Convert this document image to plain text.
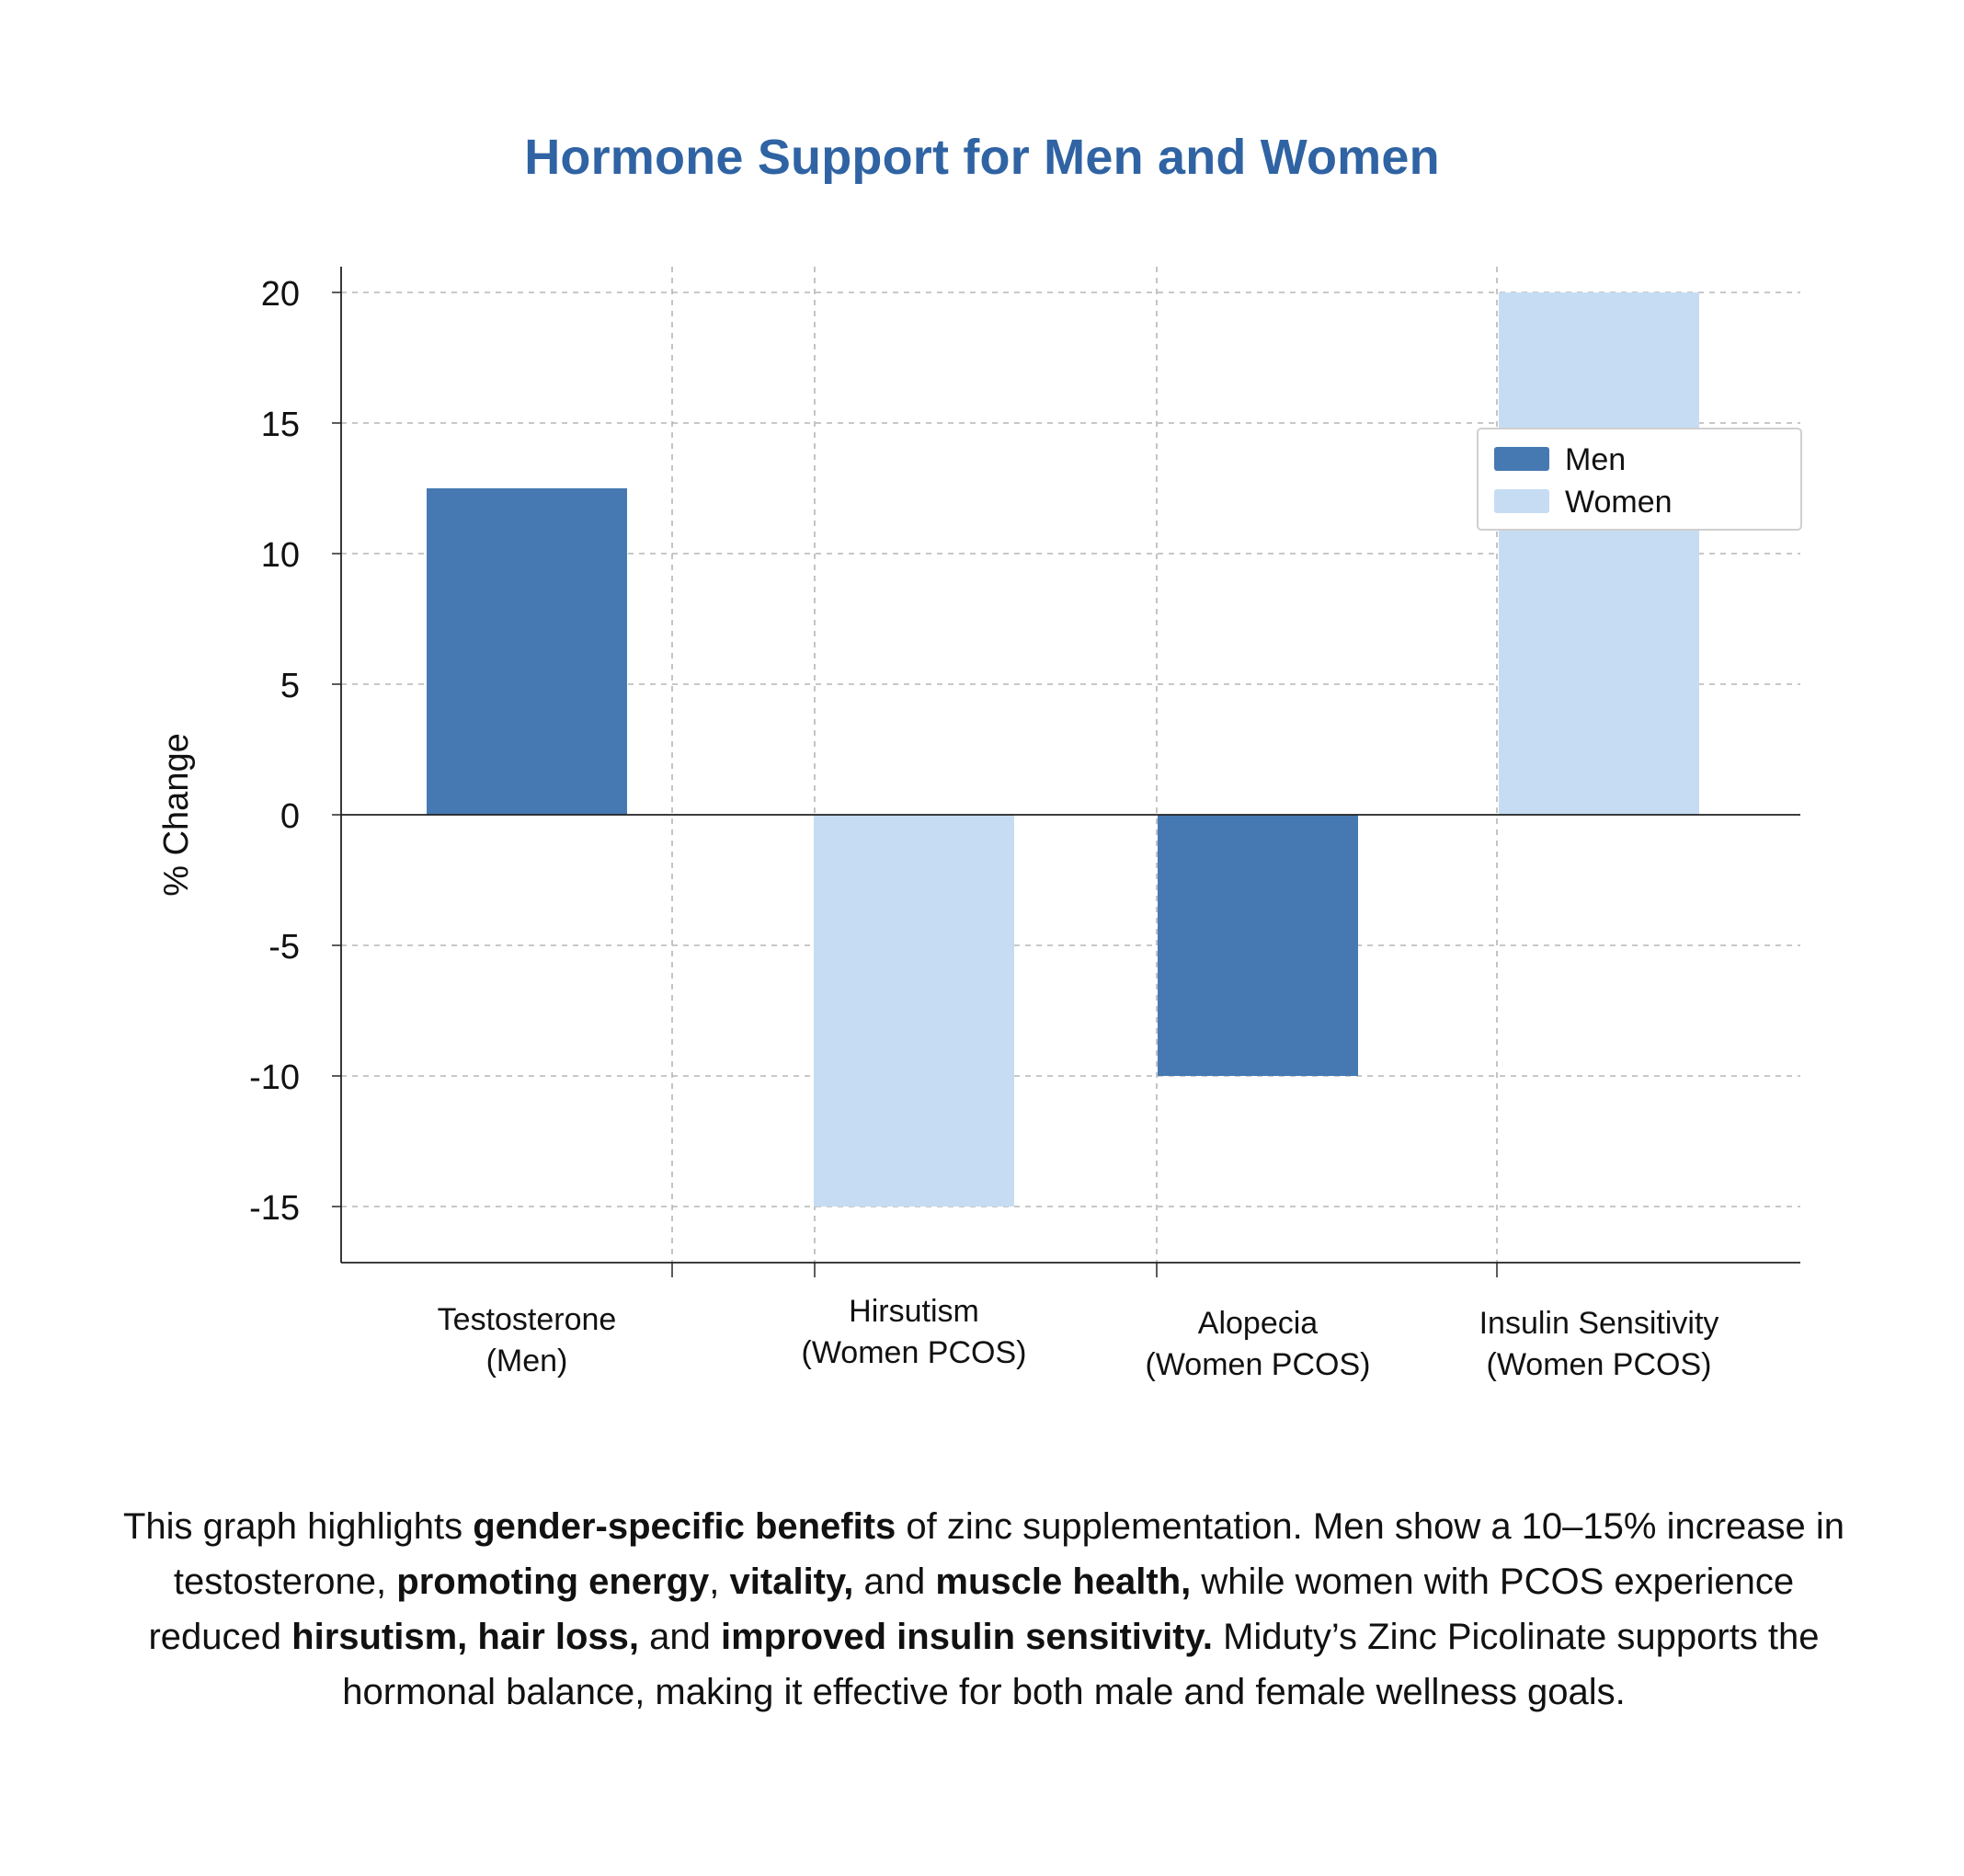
Hormone Support for Men and Women
20
15
10
5
0
-5
-10
-15
Testosterone (Men)
Hirsutism (Women PCOS)
Alopecia (Women PCOS)
Insulin Sensitivity (Women PCOS)
% Change
Men
Women
This graph highlights gender-specific benefits of zinc supplementation. Men show a 10–15% increase in testosterone, promoting energy, vitality, and muscle health, while women with PCOS experience reduced hirsutism, hair loss, and improved insulin sensitivity. Miduty’s Zinc Picolinate supports the hormonal balance, making it effective for both male and female wellness goals.
